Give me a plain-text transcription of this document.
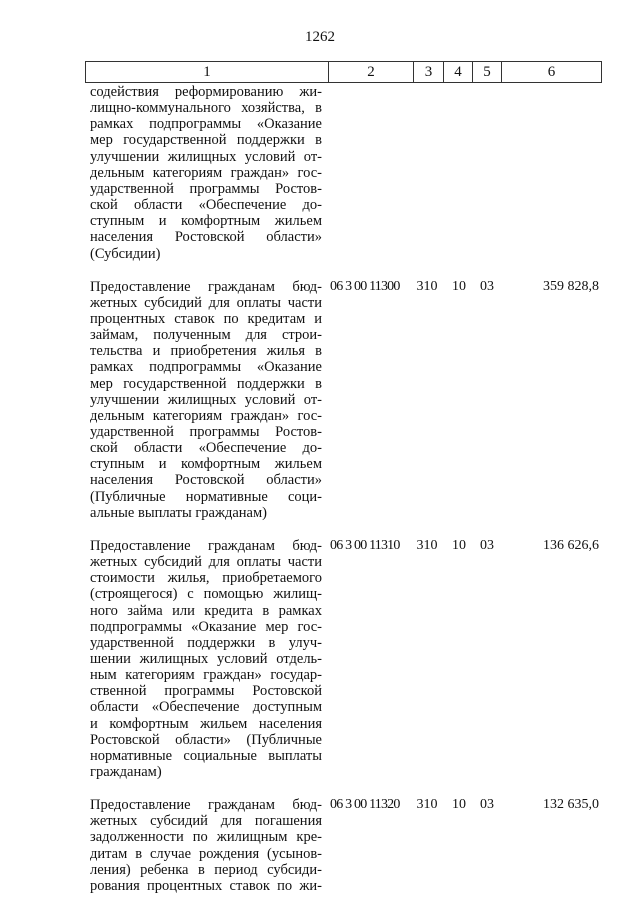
1262
1	2	3	4	5	6
содействия реформированию жи-
лищно-коммунального хозяйства, в
рамках подпрограммы «Оказание
мер государственной поддержки в
улучшении жилищных условий от-
дельным категориям граждан» гос-
ударственной программы Ростов-
ской области «Обеспечение до-
ступным и комфортным жильем
населения Ростовской области»
(Субсидии)
Предоставление гражданам бюд-
жетных субсидий для оплаты части
процентных ставок по кредитам и
займам, полученным для строи-
тельства и приобретения жилья в
рамках подпрограммы «Оказание
мер государственной поддержки в
улучшении жилищных условий от-
дельным категориям граждан» гос-
ударственной программы Ростов-
ской области «Обеспечение до-
ступным и комфортным жильем
населения Ростовской области»
(Публичные нормативные соци-
альные выплаты гражданам)
06 3 00 11300	310	10	03	359 828,8
Предоставление гражданам бюд-
жетных субсидий для оплаты части
стоимости жилья, приобретаемого
(строящегося) с помощью жилищ-
ного займа или кредита в рамках
подпрограммы «Оказание мер гос-
ударственной поддержки в улуч-
шении жилищных условий отдель-
ным категориям граждан» государ-
ственной программы Ростовской
области «Обеспечение доступным
и комфортным жильем населения
Ростовской области» (Публичные
нормативные социальные выплаты
гражданам)
06 3 00 11310	310	10	03	136 626,6
Предоставление гражданам бюд-
жетных субсидий для погашения
задолженности по жилищным кре-
дитам в случае рождения (усынов-
ления) ребенка в период субсиди-
рования процентных ставок по жи-
06 3 00 11320	310	10	03	132 635,0
